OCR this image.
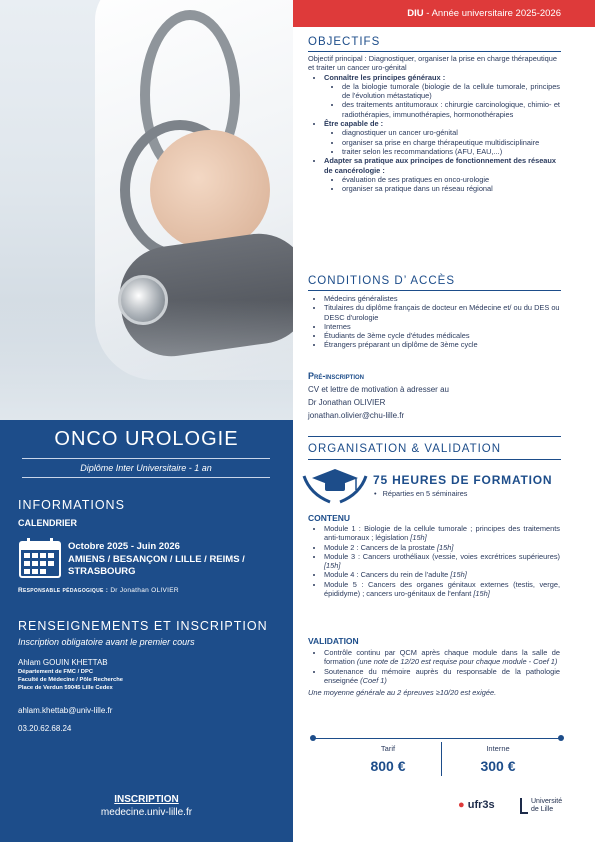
ONCO UROLOGIE
Diplôme Inter Universitaire - 1 an
INFORMATIONS
CALENDRIER
Octobre 2025 - Juin 2026
AMIENS / BESANÇON / LILLE / REIMS / STRASBOURG
Responsable pédagogique : Dr Jonathan OLIVIER
RENSEIGNEMENTS ET INSCRIPTION
Inscription obligatoire avant le premier cours
Ahlam GOUIN KHETTAB
Département de FMC / DPC
Faculté de Médecine / Pôle Recherche
Place de Verdun 59045 Lille Cedex
ahlam.khettab@univ-lille.fr
03.20.62.68.24
INSCRIPTION
medecine.univ-lille.fr
DIU - Année universitaire 2025-2026
OBJECTIFS
Objectif principal : Diagnostiquer, organiser la prise en charge thérapeutique et traiter un cancer uro-génital
• Connaître les principes généraux :
• de la biologie tumorale (biologie de la cellule tumorale, principes de l'évolution métastatique)
• des traitements antitumoraux : chirurgie carcinologique, chimio- et radiothérapies, immunothérapies, hormonothérapies
• Être capable de :
• diagnostiquer un cancer uro-génital
• organiser sa prise en charge thérapeutique multidisciplinaire
• traiter selon les recommandations (AFU, EAU,...)
• Adapter sa pratique aux principes de fonctionnement des réseaux de cancérologie :
• évaluation de ses pratiques en onco-urologie
• organiser sa pratique dans un réseau régional
CONDITIONS D’ ACCÈS
• Médecins généralistes
• Titulaires du diplôme français de docteur en Médecine et/ ou du DES ou DESC d'urologie
• Internes
• Étudiants de 3ème cycle d'études médicales
• Étrangers préparant un diplôme de 3ème cycle
Pré-inscription
CV et lettre de motivation à adresser au
Dr Jonathan OLIVIER
jonathan.olivier@chu-lille.fr
ORGANISATION & VALIDATION
75 HEURES DE FORMATION
•   Réparties en 5 séminaires
CONTENU
• Module 1 : Biologie de la cellule tumorale ; principes des traitements anti-tumoraux ; législation [15h]
• Module 2 : Cancers de la prostate [15h]
• Module 3 : Cancers urothéliaux (vessie, voies excrétrices supérieures) [15h]
• Module 4 : Cancers du rein de l'adulte [15h]
• Module 5 : Cancers des organes génitaux externes (testis, verge, épididyme) ; cancers uro-génitaux de l'enfant [15h]
VALIDATION
• Contrôle continu par QCM après chaque module dans la salle de formation (une note de 12/20 est requise pour chaque module - Coef 1)
• Soutenance du mémoire auprès du responsable de la pathologie enseignée (Coef 1)
Une moyenne générale au 2 épreuves ≥10/20 est exigée.
Tarif
800 €
Interne
300 €
● ufr3s	Université
de Lille
